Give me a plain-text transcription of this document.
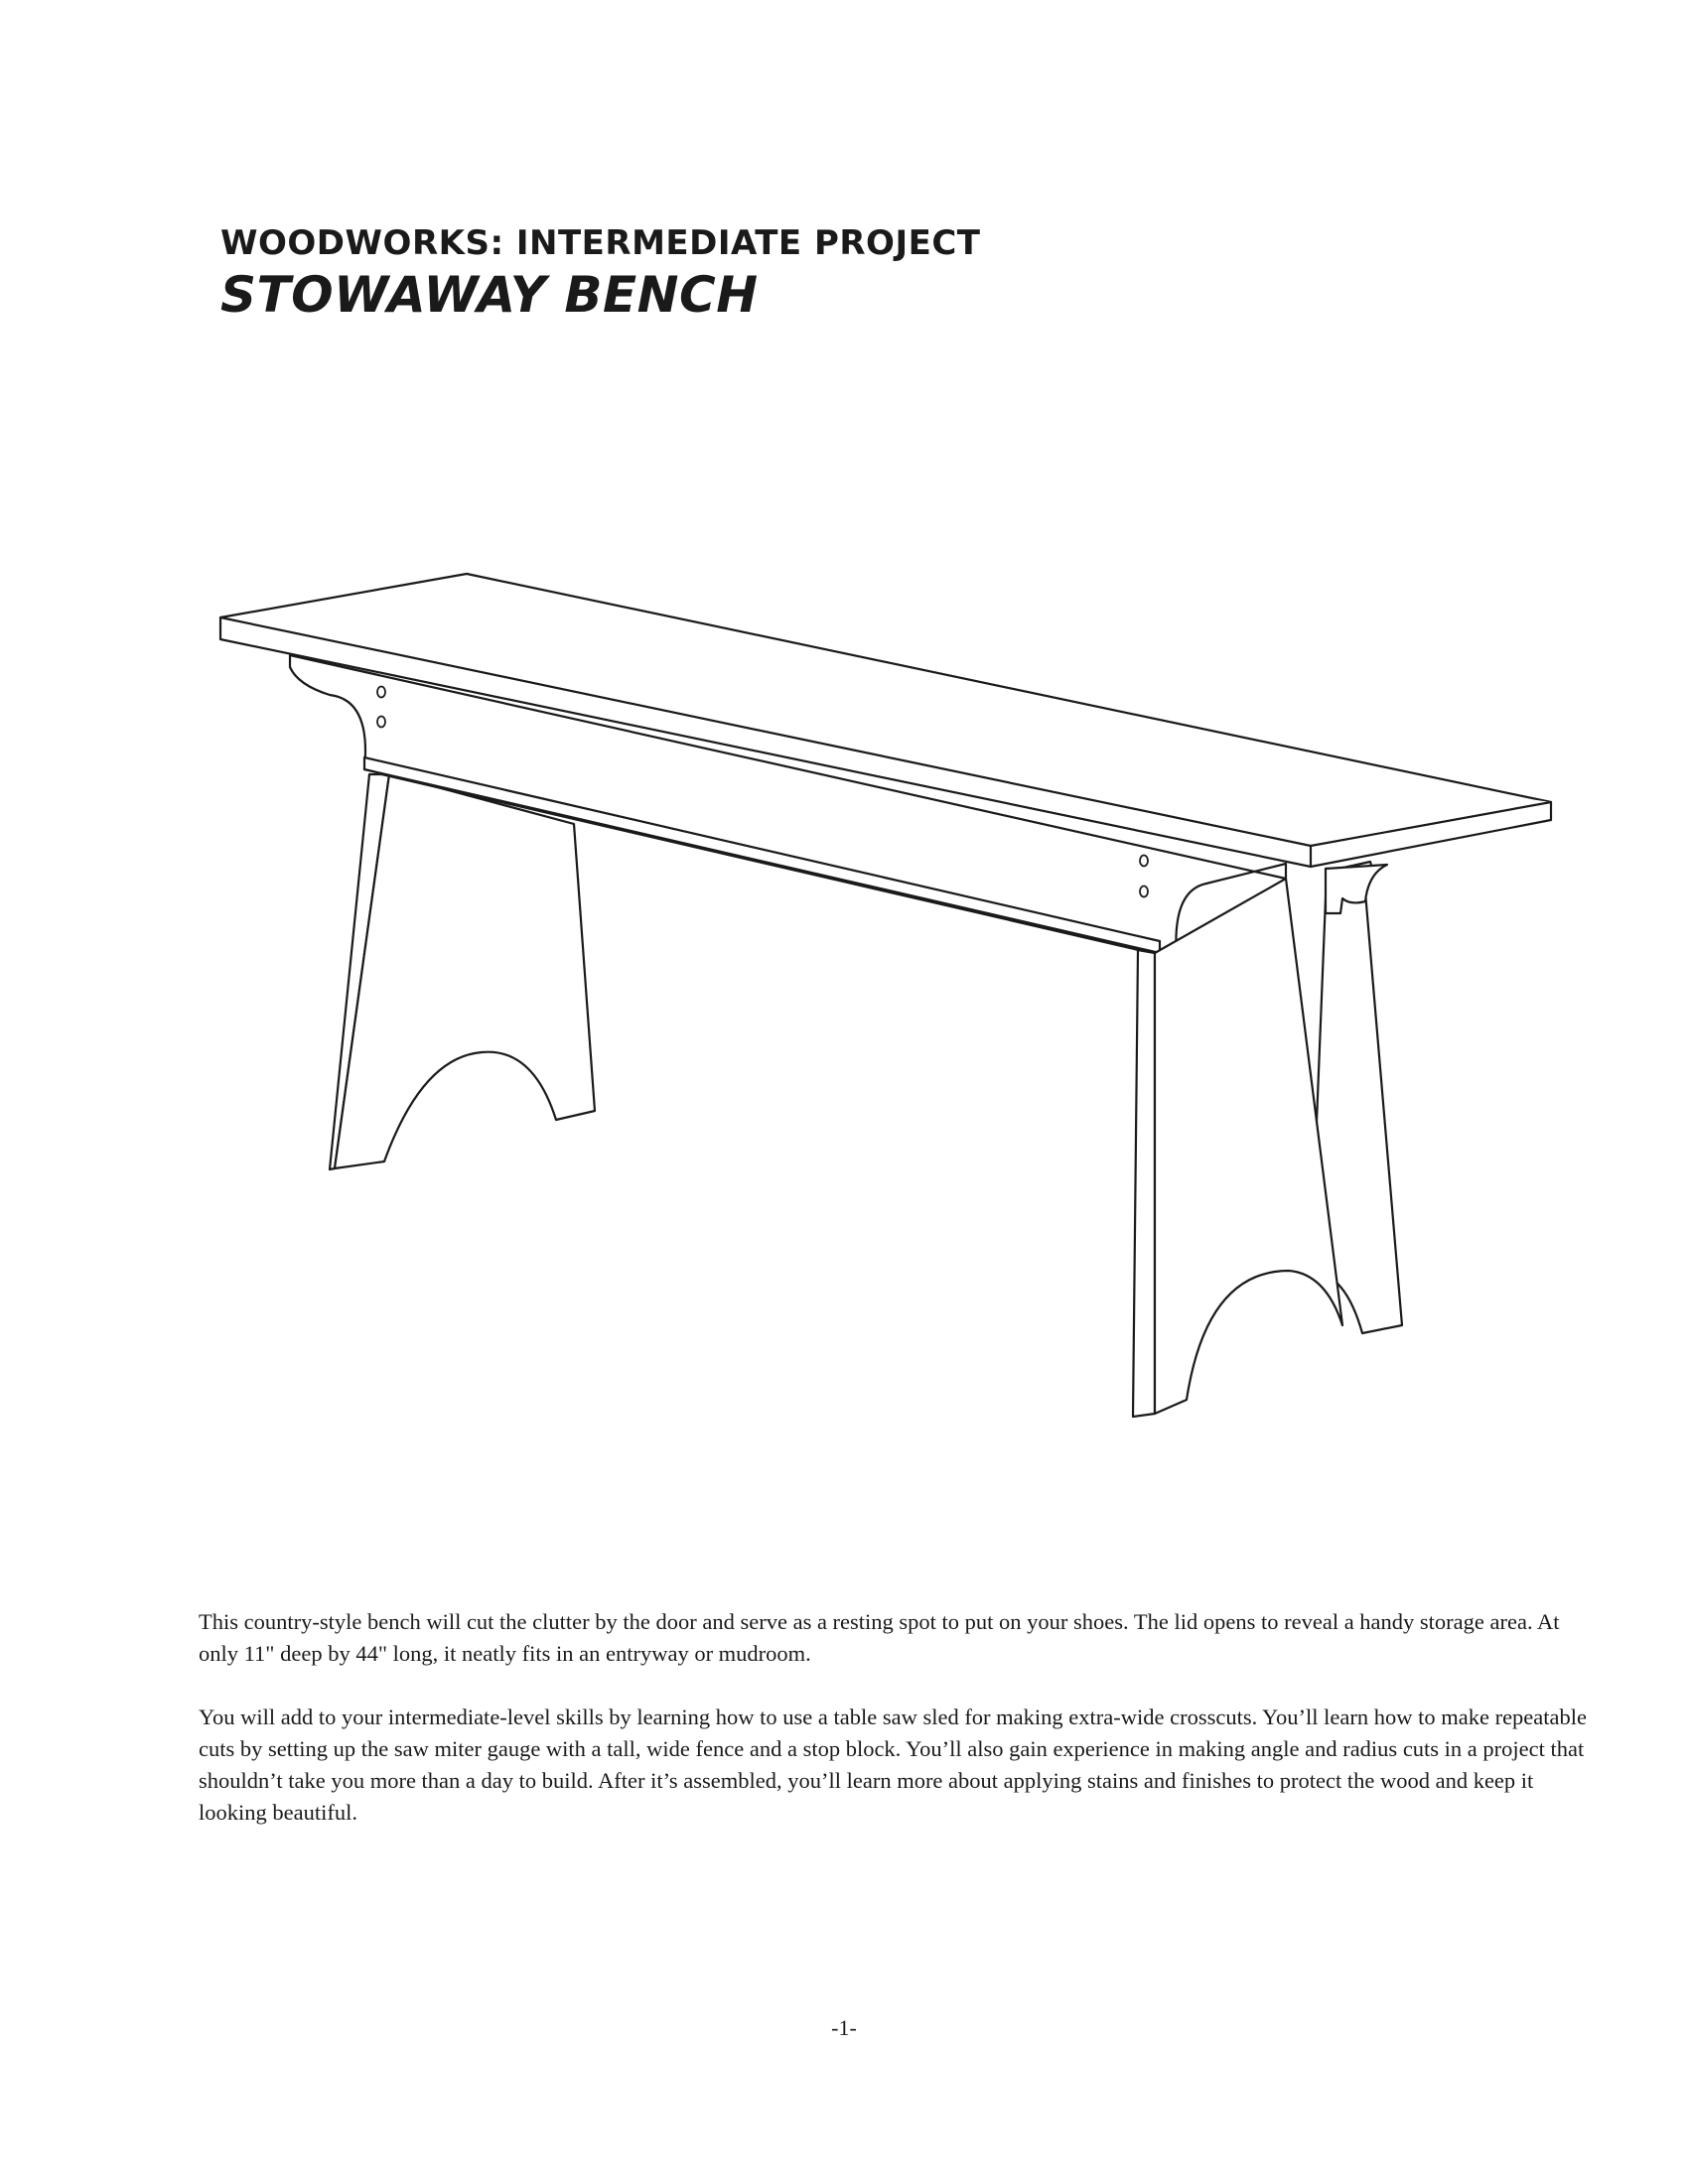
WOODWORKS: INTERMEDIATE PROJECT
STOWAWAY BENCH

This country-style bench will cut the clutter by the door and serve as a resting spot to put on your shoes. The lid opens to reveal a handy storage area. At only 11" deep by 44" long, it neatly fits in an entryway or mudroom.

You will add to your intermediate-level skills by learning how to use a table saw sled for making extra-wide crosscuts. You’ll learn how to make repeatable cuts by setting up the saw miter gauge with a tall, wide fence and a stop block. You’ll also gain experience in making angle and radius cuts in a project that shouldn’t take you more than a day to build. After it’s assembled, you’ll learn more about applying stains and finishes to protect the wood and keep it looking beautiful.

-1-
